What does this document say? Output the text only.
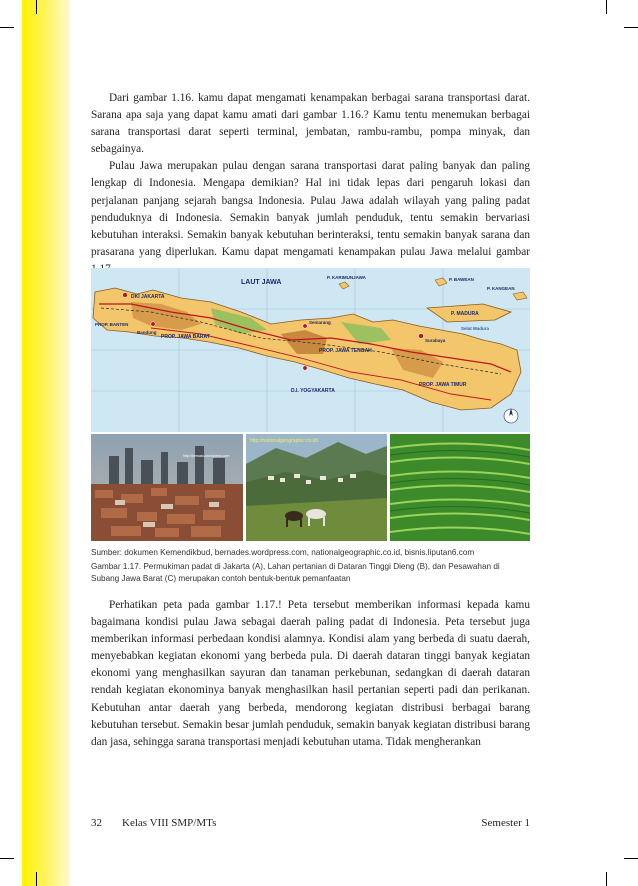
Dari gambar 1.16. kamu dapat mengamati kenampakan berbagai sarana transportasi darat. Sarana apa saja yang dapat kamu amati dari gambar 1.16.? Kamu tentu menemukan berbagai sarana transportasi darat seperti terminal, jembatan, rambu-rambu, pompa minyak, dan sebagainya.

Pulau Jawa merupakan pulau dengan sarana transportasi darat paling banyak dan paling lengkap di Indonesia. Mengapa demikian? Hal ini tidak lepas dari pengaruh lokasi dan perjalanan panjang sejarah bangsa Indonesia. Pulau Jawa adalah wilayah yang paling padat penduduknya di Indonesia. Semakin banyak jumlah penduduk, tentu semakin bervariasi kebutuhan interaksi. Semakin banyak kebutuhan berinteraksi, tentu semakin banyak sarana dan prasarana yang diperlukan. Kamu dapat mengamati kenampakan pulau Jawa melalui gambar

LAUT JAWA
P. KARIMUNJAWA	P. BAWEAN
P. KANGEAN
P. MADURA
Selat Madura
DKI JAKARTA
PROP. BANTEN
PROP. JAWA BARAT
Bandung
PROP. JAWA TENGAH
Semarang
D.I. YOGYAKARTA
PROP. JAWA TIMUR
Surabaya
http://bersatu.wordpress.com
http://nationalgeographic.co.id/
Sumber: dokumen Kemendikbud, bernades.wordpress.com, nationalgeographic.co.id, bisnis.liputan6.com
Gambar 1.17. Permukiman padat di Jakarta (A), Lahan pertanian di Dataran Tinggi Dieng (B), dan Pesawahan di Subang Jawa Barat (C) merupakan contoh bentuk-bentuk pemanfaatan

Perhatikan peta pada gambar 1.17.! Peta tersebut memberikan informasi kepada kamu bagaimana kondisi pulau Jawa sebagai daerah paling padat di Indonesia. Peta tersebut juga memberikan informasi perbedaan kondisi alamnya. Kondisi alam yang berbeda di suatu daerah, menyebabkan kegiatan ekonomi yang berbeda pula. Di daerah dataran tinggi banyak kegiatan ekonomi yang menghasilkan sayuran dan tanaman perkebunan, sedangkan di daerah dataran rendah kegiatan ekonominya banyak menghasilkan hasil pertanian seperti padi dan perikanan. Kebutuhan antar daerah yang berbeda, mendorong kegiatan distribusi berbagai barang kebutuhan tersebut. Semakin besar jumlah penduduk, semakin banyak kegiatan distribusi barang dan jasa, sehingga sarana transportasi menjadi kebutuhan utama. Tidak mengherankan

32 Kelas VIII SMP/MTs	Semester 1
